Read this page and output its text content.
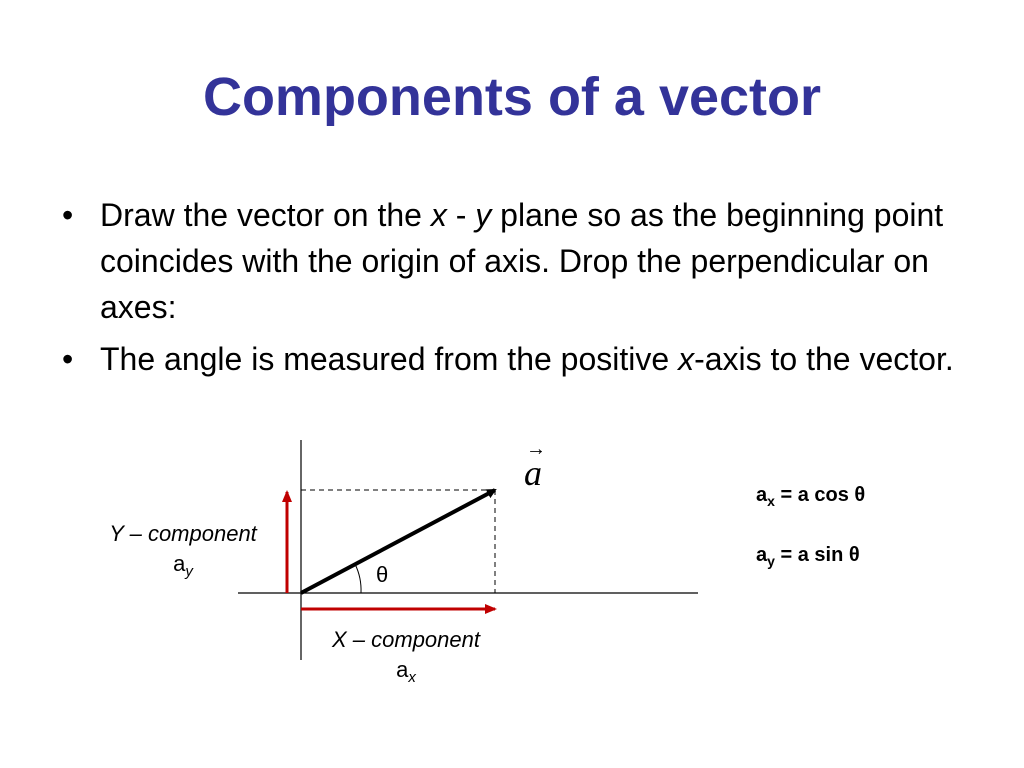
Components of a vector
• Draw the vector on the x - y plane so as the beginning point coincides with the origin of axis. Drop the perpendicular on axes:
• The angle is measured from the positive x-axis to the vector.
→
a
θ
Y – component
$a_y$
X – component
$a_x$
$a_x = a$ cos θ
$a_y = a$ sin θ
